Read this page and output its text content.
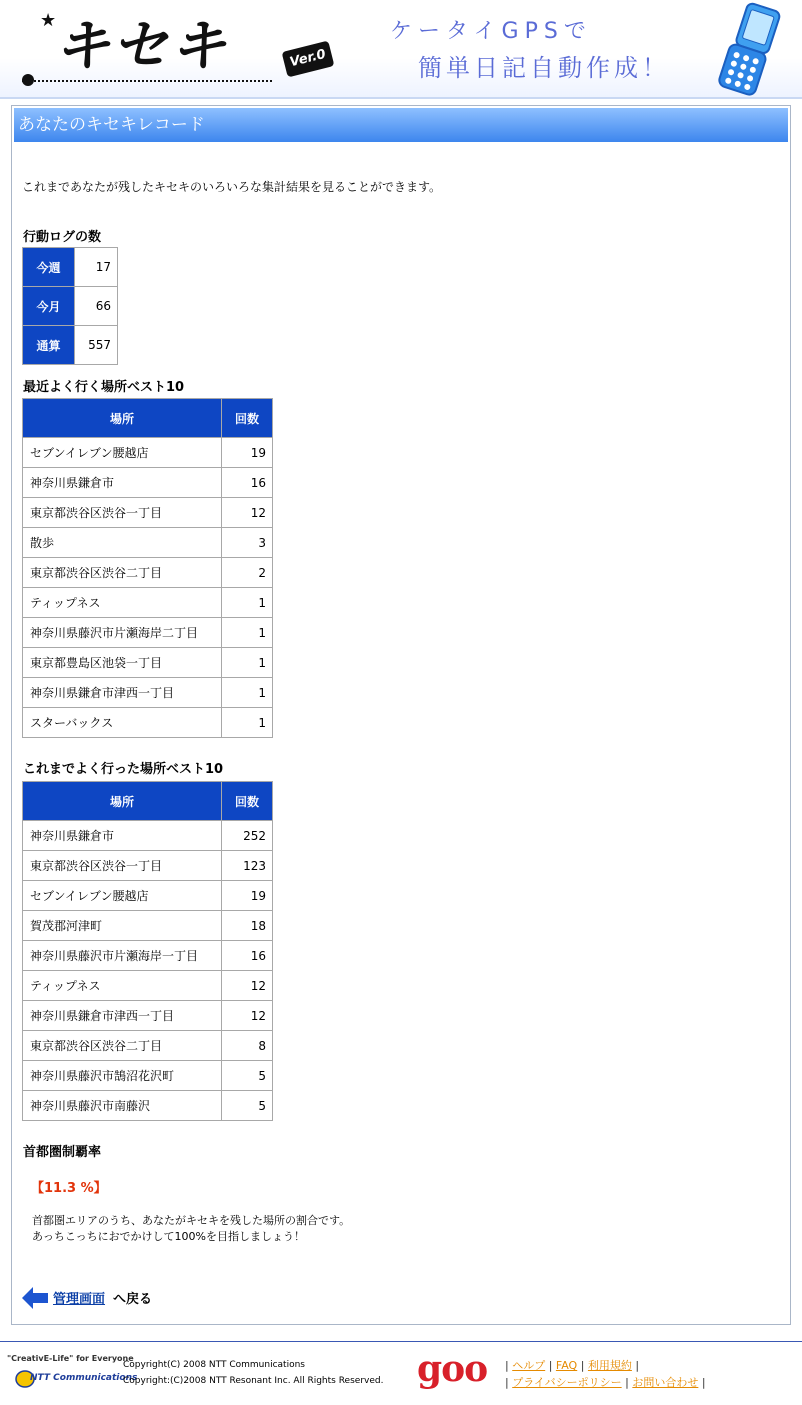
★
キセキ	Ver.0
ケータイGPSで
簡単日記自動作成！
あなたのキセキレコード
これまであなたが残したキセキのいろいろな集計結果を見ることができます。
行動ログの数
今週	17
今月	66
通算	557
最近よく行く場所ベスト10
場所	回数
セブンイレブン腰越店	19
神奈川県鎌倉市	16
東京都渋谷区渋谷一丁目	12
散歩	3
東京都渋谷区渋谷二丁目	2
ティップネス	1
神奈川県藤沢市片瀬海岸二丁目	1
東京都豊島区池袋一丁目	1
神奈川県鎌倉市津西一丁目	1
スターバックス	1
これまでよく行った場所ベスト10
場所	回数
神奈川県鎌倉市	252
東京都渋谷区渋谷一丁目	123
セブンイレブン腰越店	19
賀茂郡河津町	18
神奈川県藤沢市片瀬海岸一丁目	16
ティップネス	12
神奈川県鎌倉市津西一丁目	12
東京都渋谷区渋谷二丁目	8
神奈川県藤沢市鵠沼花沢町	5
神奈川県藤沢市南藤沢	5
首都圏制覇率
【11.3 %】
首都圏エリアのうち、あなたがキセキを残した場所の割合です。
あっちこっちにおでかけして100%を目指しましょう！
管理画面 へ戻る
"CreativE-Life" for Everyone
NTT Communications
Copyright(C) 2008 NTT Communications
Copyright:(C)2008 NTT Resonant Inc. All Rights Reserved. goo | ヘルプ | FAQ | 利用規約 |
| プライバシーポリシー | お問い合わせ |
